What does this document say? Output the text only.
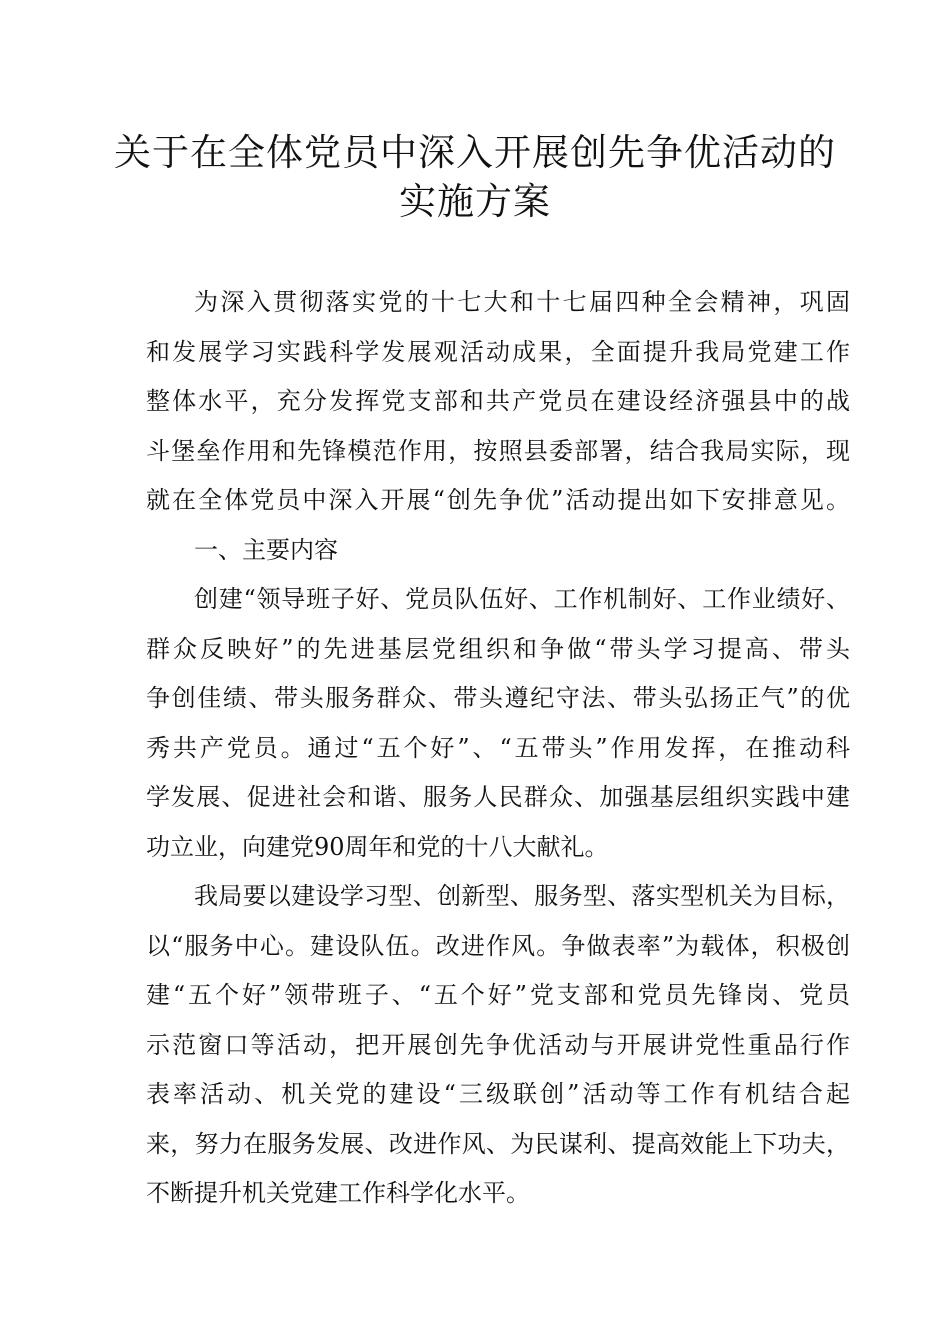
关于在全体党员中深入开展创先争优活动的
实施方案
为深入贯彻落实党的十七大和十七届四种全会精神，巩固
和发展学习实践科学发展观活动成果，全面提升我局党建工作
整体水平，充分发挥党支部和共产党员在建设经济强县中的战
斗堡垒作用和先锋模范作用，按照县委部署，结合我局实际，现
就在全体党员中深入开展“创先争优”活动提出如下安排意见。
一、主要内容
创建“领导班子好、党员队伍好、工作机制好、工作业绩好、
群众反映好”的先进基层党组织和争做“带头学习提高、带头
争创佳绩、带头服务群众、带头遵纪守法、带头弘扬正气”的优
秀共产党员。通过“五个好”、“五带头”作用发挥，在推动科
学发展、促进社会和谐、服务人民群众、加强基层组织实践中建
功立业，向建党90周年和党的十八大献礼。
我局要以建设学习型、创新型、服务型、落实型机关为目标，
以“服务中心。建设队伍。改进作风。争做表率”为载体，积极创
建“五个好”领带班子、“五个好”党支部和党员先锋岗、党员
示范窗口等活动，把开展创先争优活动与开展讲党性重品行作
表率活动、机关党的建设“三级联创”活动等工作有机结合起
来，努力在服务发展、改进作风、为民谋利、提高效能上下功夫，
不断提升机关党建工作科学化水平。
